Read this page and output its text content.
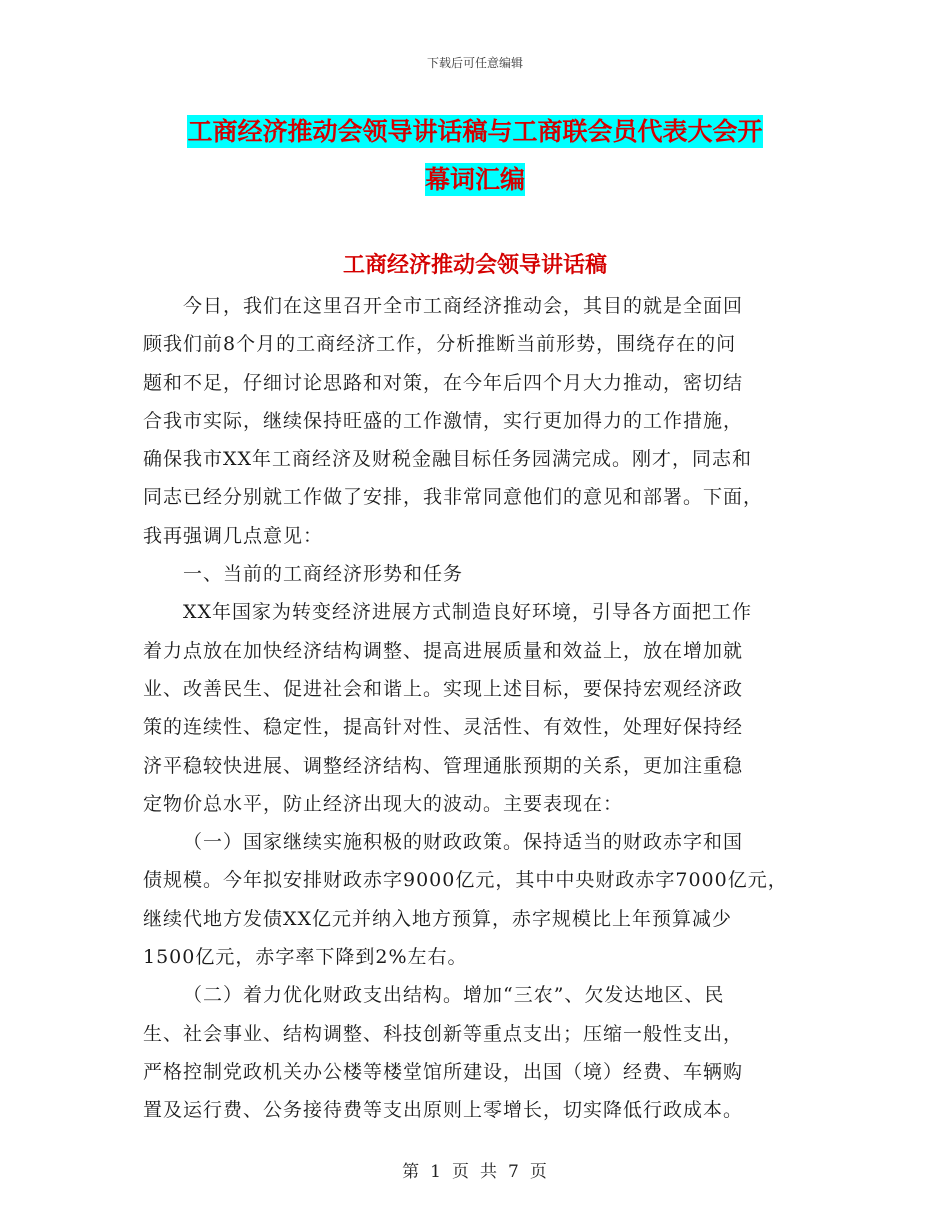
下载后可任意编辑
工商经济推动会领导讲话稿与工商联会员代表大会开
幕词汇编
工商经济推动会领导讲话稿

今日，我们在这里召开全市工商经济推动会，其目的就是全面回
顾我们前8个月的工商经济工作，分析推断当前形势，围绕存在的问
题和不足，仔细讨论思路和对策，在今年后四个月大力推动，密切结
合我市实际，继续保持旺盛的工作激情，实行更加得力的工作措施，
确保我市XX年工商经济及财税金融目标任务园满完成。刚才，同志和
同志已经分别就工作做了安排，我非常同意他们的意见和部署。下面，
我再强调几点意见：

一、当前的工商经济形势和任务

XX年国家为转变经济进展方式制造良好环境，引导各方面把工作
着力点放在加快经济结构调整、提高进展质量和效益上，放在增加就
业、改善民生、促进社会和谐上。实现上述目标，要保持宏观经济政
策的连续性、稳定性，提高针对性、灵活性、有效性，处理好保持经
济平稳较快进展、调整经济结构、管理通胀预期的关系，更加注重稳
定物价总水平，防止经济出现大的波动。主要表现在：

（一）国家继续实施积极的财政政策。保持适当的财政赤字和国
债规模。今年拟安排财政赤字9000亿元，其中中央财政赤字7000亿元，
继续代地方发债XX亿元并纳入地方预算，赤字规模比上年预算减少
1500亿元，赤字率下降到2%左右。

（二）着力优化财政支出结构。增加“三农”、欠发达地区、民
生、社会事业、结构调整、科技创新等重点支出；压缩一般性支出，
严格控制党政机关办公楼等楼堂馆所建设，出国（境）经费、车辆购
置及运行费、公务接待费等支出原则上零增长，切实降低行政成本。

第 1 页 共 7 页
